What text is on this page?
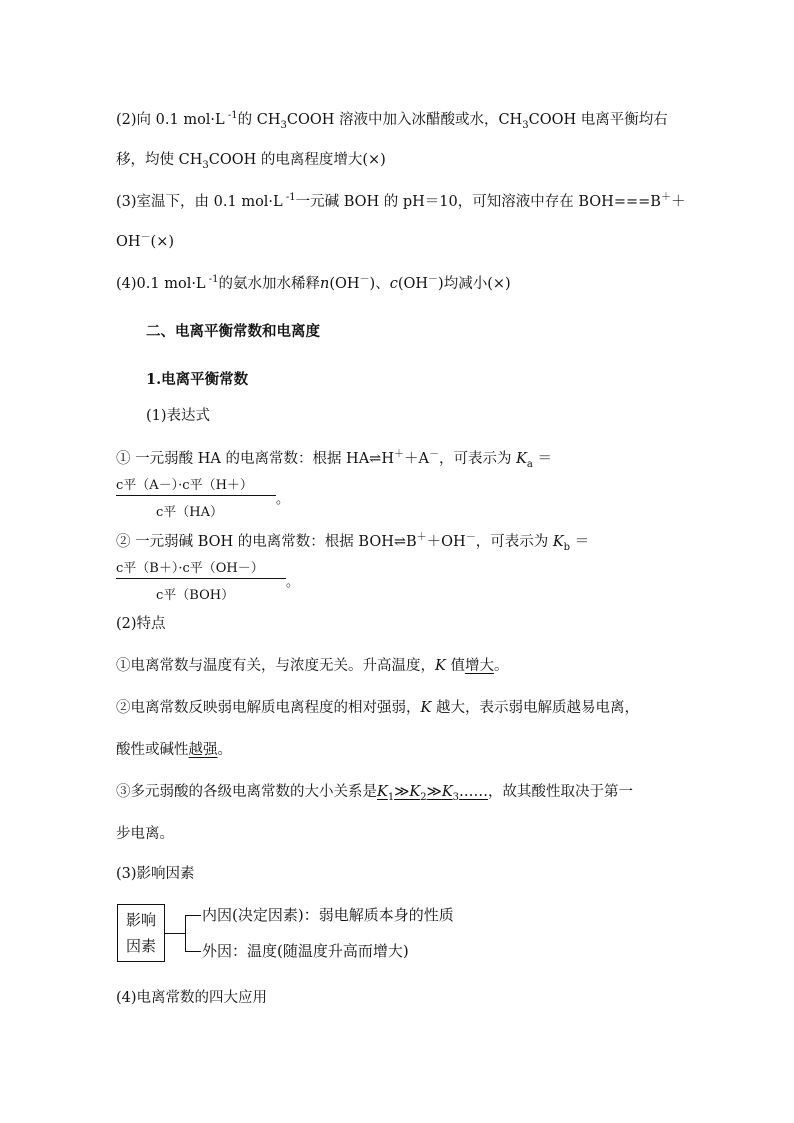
(2)向 0.1 mol·L $^{-1}$的 $CH_3COOH$ 溶液中加入冰醋酸或水，$CH_3COOH$ 电离平衡均右
移，均使 $CH_3COOH$ 的电离程度增大(×)
(3)室温下，由 0.1 mol·L $^{-1}$一元碱 BOH 的 pH＝10，可知溶液中存在 BOH===B＋＋
OH－(×)
(4)0.1 mol·L $^{-1}$的氨水加水稀释n(OH－)、c(OH－)均减小(×)
二、电离平衡常数和电离度
1.电离平衡常数
(1)表达式
① 一元弱酸 HA 的电离常数：根据 HA⇌H＋＋A－，可表示为 $K_a$ ＝
c平（A－）·c平（H＋）
c平（HA）
。
② 一元弱碱 BOH 的电离常数：根据 BOH⇌B＋＋OH－，可表示为 $K_b$ ＝
c平（B＋）·c平（OH－）
c平（BOH）
。
(2)特点
①电离常数与温度有关，与浓度无关。升高温度，K 值增大。
②电离常数反映弱电解质电离程度的相对强弱，K 越大，表示弱电解质越易电离，
酸性或碱性越强。
③多元弱酸的各级电离常数的大小关系是$K_1≫K_2≫K_3\dots\dots$，故其酸性取决于第一
步电离。
(3)影响因素
影响
因素
内因(决定因素)：弱电解质本身的性质
外因：温度(随温度升高而增大)
(4)电离常数的四大应用
